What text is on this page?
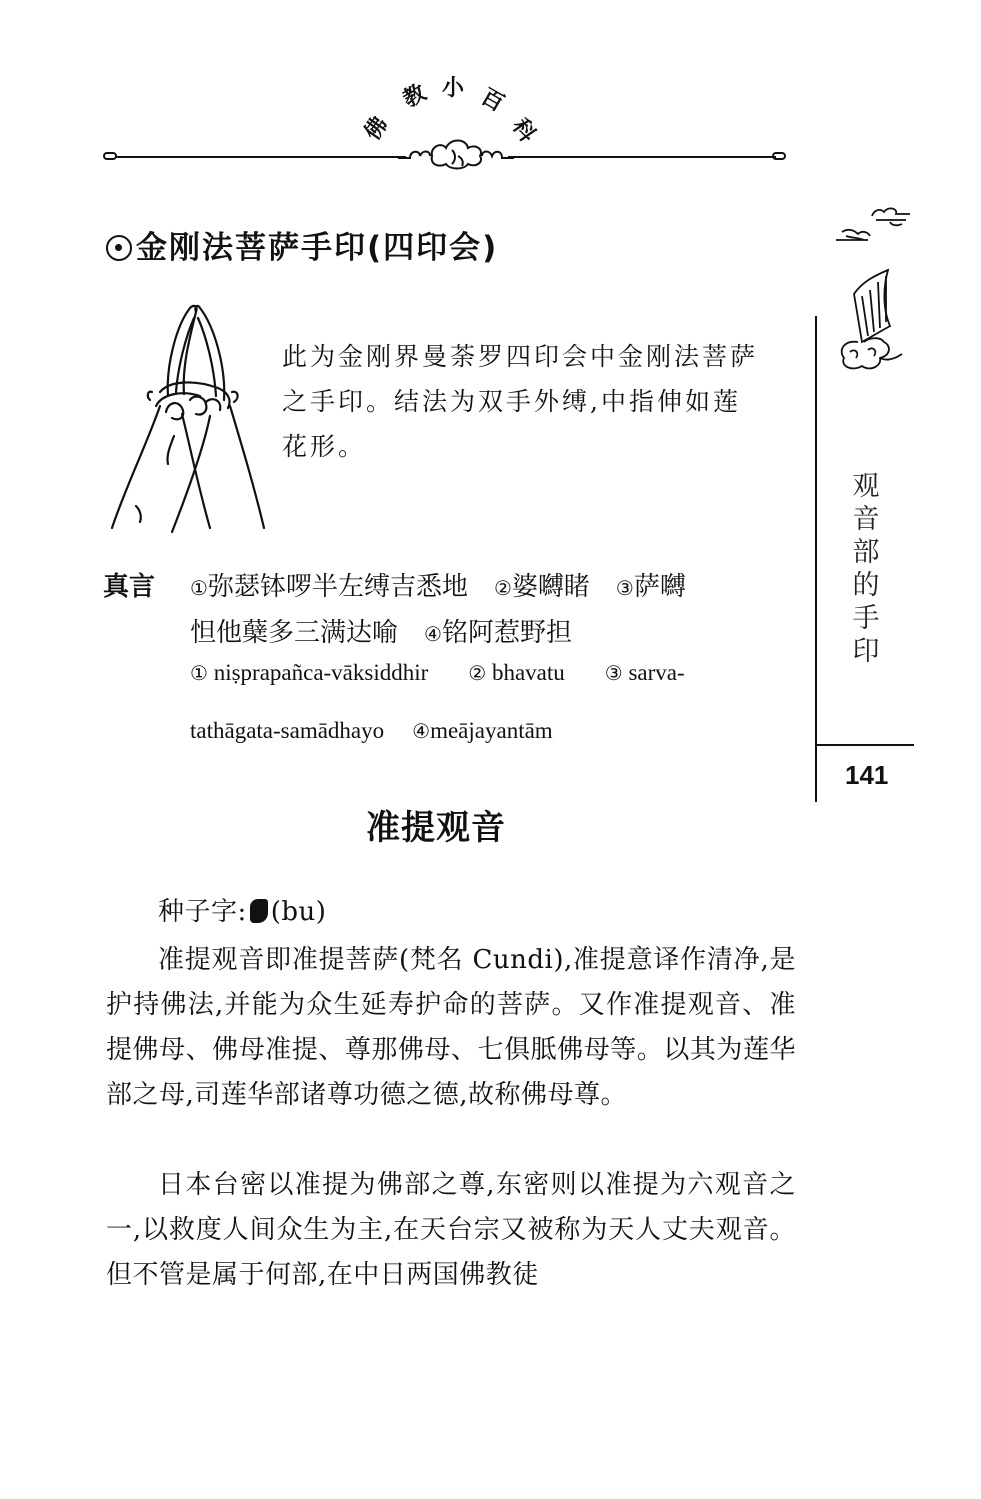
佛
教 小 百
科
金刚法菩萨手印(四印会)
此为金刚界曼荼罗四印会中金刚法菩萨
之手印。结法为双手外缚,中指伸如莲
花形。
真言 ①弥瑟钵啰半左缚吉悉地 ②婆嚩睹 ③萨嚩
怛他蘖多三满达喻 ④铭阿惹野担
① niṣprapañca-vāksiddhir ② bhavatu ③ sarva-
tathāgata-samādhayo ④meājayantām
准提观音
种子字: (bu)
准提观音即准提菩萨(梵名 Cundi),准提意译作清净,是护持佛法,并能为众生延寿护命的菩萨。又作准提观音、准提佛母、佛母准提、尊那佛母、七俱胝佛母等。以其为莲华部之母,司莲华部诸尊功德之德,故称佛母尊。
日本台密以准提为佛部之尊,东密则以准提为六观音之一,以救度人间众生为主,在天台宗又被称为天人丈夫观音。但不管是属于何部,在中日两国佛教徒
观
音
部
的
手
印
141
